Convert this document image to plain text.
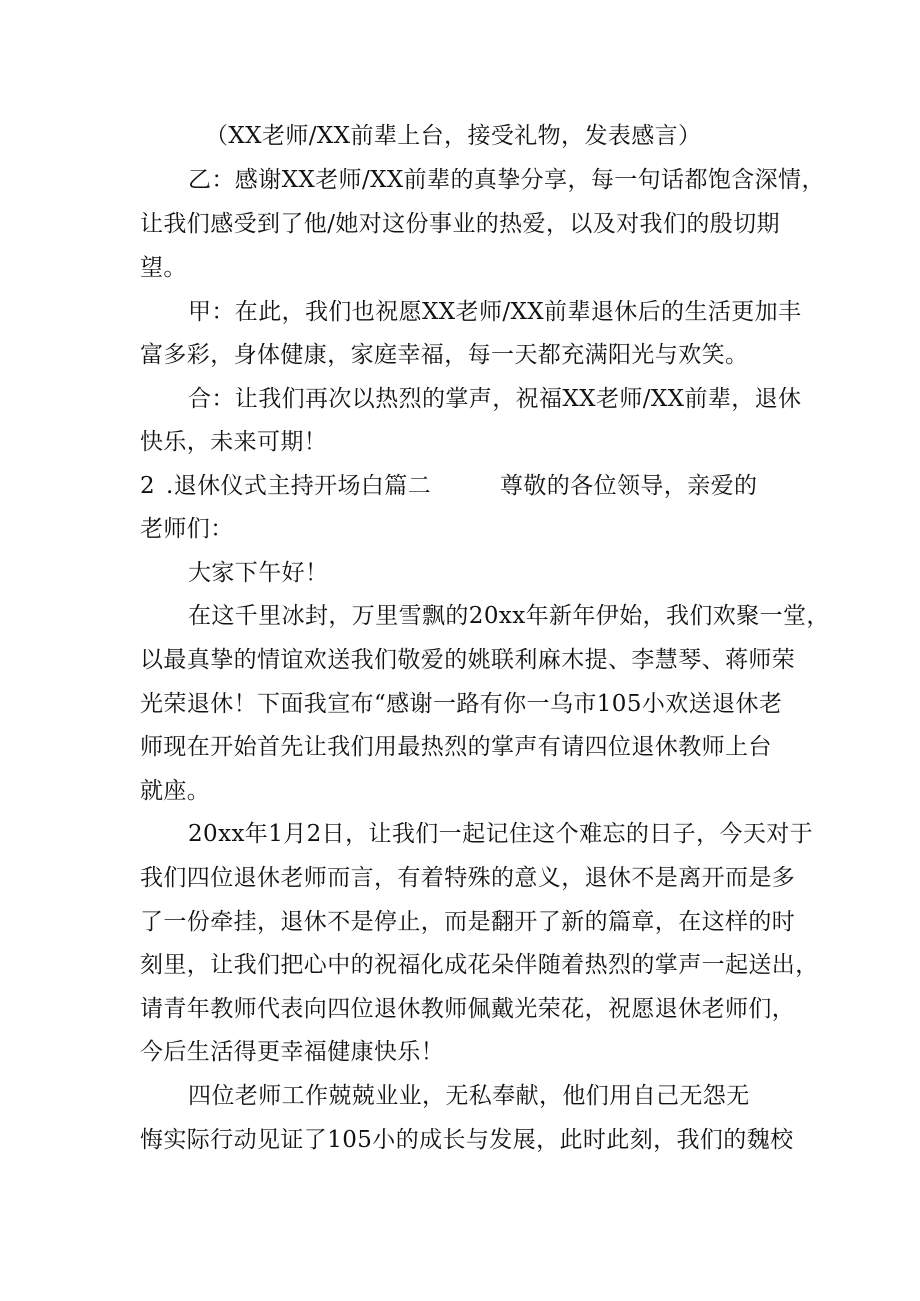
（XX老师/XX前辈上台，接受礼物，发表感言）
乙：感谢XX老师/XX前辈的真挚分享，每一句话都饱含深情，
让我们感受到了他/她对这份事业的热爱，以及对我们的殷切期
望。
甲：在此，我们也祝愿XX老师/XX前辈退休后的生活更加丰
富多彩，身体健康，家庭幸福，每一天都充满阳光与欢笑。
合：让我们再次以热烈的掌声，祝福XX老师/XX前辈，退休
快乐，未来可期！
2 .退休仪式主持开场白篇二	尊敬的各位领导，亲爱的
老师们：
大家下午好！
在这千里冰封，万里雪飘的20xx年新年伊始，我们欢聚一堂，
以最真挚的情谊欢送我们敬爱的姚联利麻木提、李慧琴、蒋师荣
光荣退休！下面我宣布“感谢一路有你一乌市105小欢送退休老
师现在开始首先让我们用最热烈的掌声有请四位退休教师上台
就座。
20xx年1月2日，让我们一起记住这个难忘的日子，今天对于
我们四位退休老师而言，有着特殊的意义，退休不是离开而是多
了一份牵挂，退休不是停止，而是翻开了新的篇章，在这样的时
刻里，让我们把心中的祝福化成花朵伴随着热烈的掌声一起送出，
请青年教师代表向四位退休教师佩戴光荣花，祝愿退休老师们，
今后生活得更幸福健康快乐！
四位老师工作兢兢业业，无私奉献，他们用自己无怨无
悔实际行动见证了105小的成长与发展，此时此刻，我们的魏校
